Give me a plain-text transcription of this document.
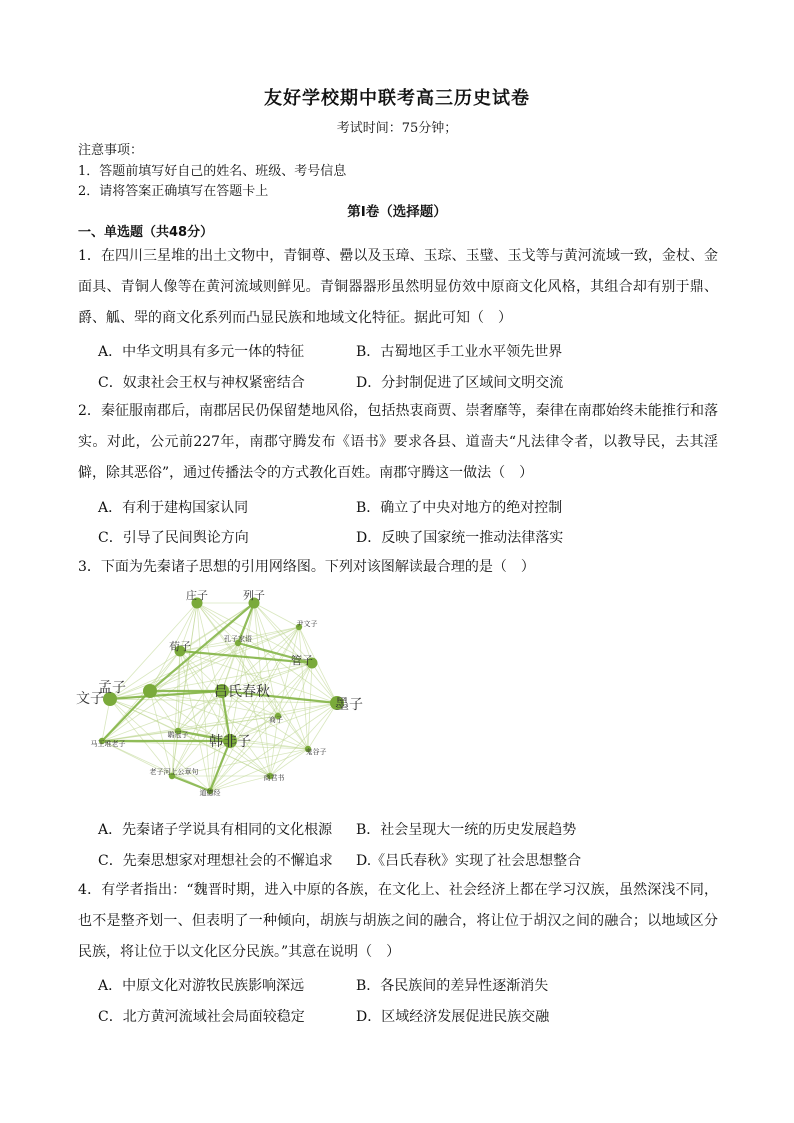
友好学校期中联考高三历史试卷
考试时间：75分钟；
注意事项：
1．答题前填写好自己的姓名、班级、考号信息
2．请将答案正确填写在答题卡上
第I卷（选择题）
一、单选题（共48分）
1．在四川三星堆的出土文物中，青铜尊、罍以及玉璋、玉琮、玉璧、玉戈等与黄河流域一致，金杖、金面具、青铜人像等在黄河流域则鲜见。青铜器器形虽然明显仿效中原商文化风格，其组合却有别于鼎、爵、觚、斝的商文化系列而凸显民族和地域文化特征。据此可知（　）
A．中华文明具有多元一体的特征	B．古蜀地区手工业水平领先世界
C．奴隶社会王权与神权紧密结合	D．分封制促进了区域间文明交流
2．秦征服南郡后，南郡居民仍保留楚地风俗，包括热衷商贾、崇奢靡等，秦律在南郡始终未能推行和落实。对此，公元前227年，南郡守腾发布《语书》要求各县、道啬夫“凡法律令者，以教导民，去其淫僻，除其恶俗”，通过传播法令的方式教化百姓。南郡守腾这一做法（　）
A．有利于建构国家认同	B．确立了中央对地方的绝对控制
C．引导了民间舆论方向	D．反映了国家统一推动法律落实
3．下面为先秦诸子思想的引用网络图。下列对该图解读最合理的是（　）
庄子	列子
荀子
孔子家语
尹文子
管子
文子
孟子	吕氏春秋
墨子
商子
鹖冠子
马王堆老子	韩非子
鬼谷子
老子河上公章句
商君书
道德经
A．先秦诸子学说具有相同的文化根源 B．社会呈现大一统的历史发展趋势
C．先秦思想家对理想社会的不懈追求 D.《吕氏春秋》实现了社会思想整合
4．有学者指出：“魏晋时期，进入中原的各族，在文化上、社会经济上都在学习汉族，虽然深浅不同，也不是整齐划一、但表明了一种倾向，胡族与胡族之间的融合，将让位于胡汉之间的融合；以地域区分民族，将让位于以文化区分民族。”其意在说明（　）
A．中原文化对游牧民族影响深远	B．各民族间的差异性逐渐消失
C．北方黄河流域社会局面较稳定	D．区域经济发展促进民族交融
